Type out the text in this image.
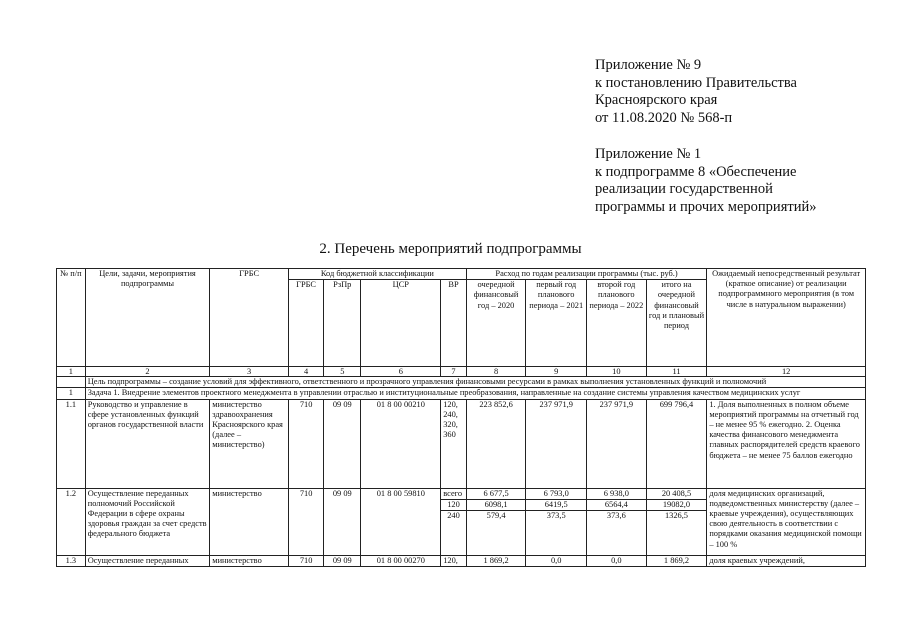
Приложение № 9
к постановлению Правительства
Красноярского края
от 11.08.2020 № 568-п
Приложение № 1
к подпрограмме 8 «Обеспечение
реализации государственной
программы и прочих мероприятий»
2. Перечень мероприятий подпрограммы
№ п/п	Цели, задачи, мероприятия подпрограммы	ГРБС	Код бюджетной классификации				Расход по годам реализации программы (тыс. руб.)				Ожидаемый непосредственный результат (краткое описание) от реализации подпрограммного мероприятия (в том числе в натуральном выражении)
			ГРБС	РзПр	ЦСР	ВР	очередной финансовый год – 2020	первый год планового периода – 2021	второй год планового периода – 2022	итого на очередной финансовый год и плановый период	
1	2	3	4	5	6	7	8	9	10	11	12
	Цель подпрограммы – создание условий для эффективного, ответственного и прозрачного управления финансовыми ресурсами в рамках выполнения установленных функций и полномочий										
1	Задача 1. Внедрение элементов проектного менеджмента в управлении отраслью и институциональные преобразования, направленные на создание системы управления качеством медицинских услуг										
1.1	Руководство и управление в сфере установленных функций органов государственной власти	министерство здравоохранения Красноярского края (далее – министерство)	710	09 09	01 8 00 00210	120, 240, 320, 360	223 852,6	237 971,9	237 971,9	699 796,4	1. Доля выполненных в полном объеме мероприятий программы на отчетный год – не менее 95 % ежегодно. 2. Оценка качества финансового менеджмента главных распорядителей средств краевого бюджета – не менее 75 баллов ежегодно
1.2	Осуществление переданных полномочий Российской Федерации в сфере охраны здоровья граждан за счет средств федерального бюджета	министерство	710	09 09	01 8 00 59810	всего	6 677,5	6 793,0	6 938,0	20 408,5	доля медицинских организаций, подведомственных министерству (далее – краевые учреждения), осуществляющих свою деятельность в соответствии с порядками оказания медицинской помощи – 100 %
						120	6098,1	6419,5	6564,4	19082,0	
						240	579,4	373,5	373,6	1326,5	
1.3	Осуществление переданных	министерство	710	09 09	01 8 00 00270	120,	1 869,2	0,0	0,0	1 869,2	доля краевых учреждений,
